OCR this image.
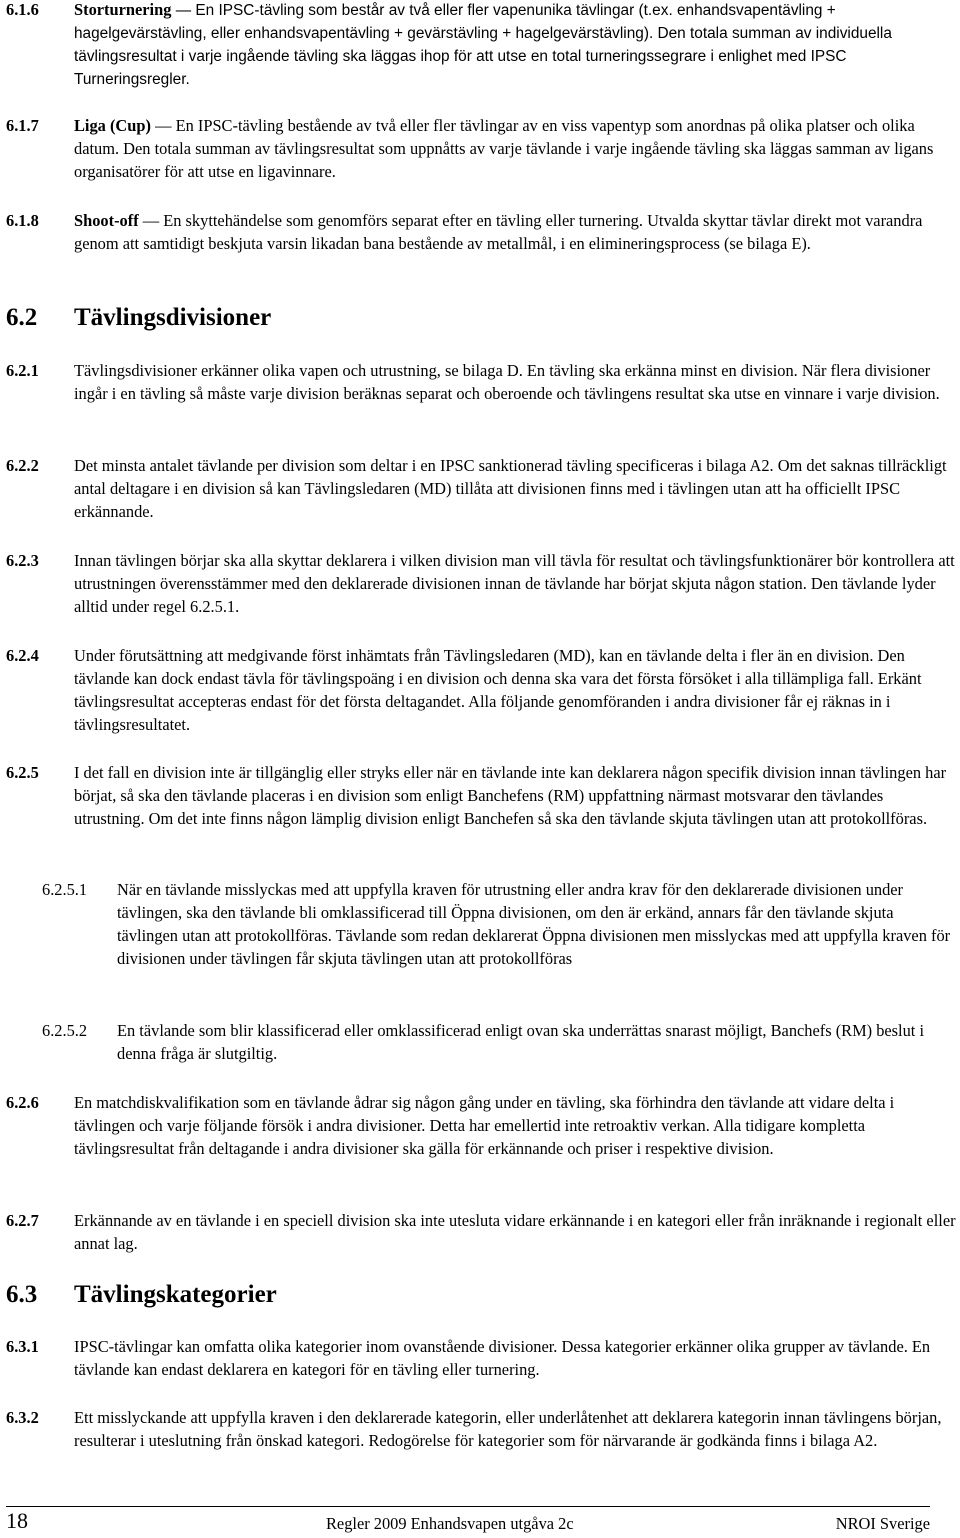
6.1.6 Storturnering — En IPSC-tävling som består av två eller fler vapenunika tävlingar (t.ex. enhandsvapentävling + hagelgevärstävling, eller enhandsvapentävling + gevärstävling + hagelgevärstävling). Den totala summan av individuella tävlingsresultat i varje ingående tävling ska läggas ihop för att utse en total turneringssegrare i enlighet med IPSC Turneringsregler.
6.1.7 Liga (Cup) — En IPSC-tävling bestående av två eller fler tävlingar av en viss vapentyp som anordnas på olika platser och olika datum. Den totala summan av tävlingsresultat som uppnåtts av varje tävlande i varje ingående tävling ska läggas samman av ligans organisatörer för att utse en ligavinnare.
6.1.8 Shoot-off — En skyttehändelse som genomförs separat efter en tävling eller turnering. Utvalda skyttar tävlar direkt mot varandra genom att samtidigt beskjuta varsin likadan bana bestående av metallmål, i en elimineringsprocess (se bilaga E).
6.2 Tävlingsdivisioner
6.2.1 Tävlingsdivisioner erkänner olika vapen och utrustning, se bilaga D. En tävling ska erkänna minst en division. När flera divisioner ingår i en tävling så måste varje division beräknas separat och oberoende och tävlingens resultat ska utse en vinnare i varje division.
6.2.2 Det minsta antalet tävlande per division som deltar i en IPSC sanktionerad tävling specificeras i bilaga A2. Om det saknas tillräckligt antal deltagare i en division så kan Tävlingsledaren (MD) tillåta att divisionen finns med i tävlingen utan att ha officiellt IPSC erkännande.
6.2.3 Innan tävlingen börjar ska alla skyttar deklarera i vilken division man vill tävla för resultat och tävlingsfunktionärer bör kontrollera att utrustningen överensstämmer med den deklarerade divisionen innan de tävlande har börjat skjuta någon station. Den tävlande lyder alltid under regel 6.2.5.1.
6.2.4 Under förutsättning att medgivande först inhämtats från Tävlingsledaren (MD), kan en tävlande delta i fler än en division. Den tävlande kan dock endast tävla för tävlingspoäng i en division och denna ska vara det första försöket i alla tillämpliga fall. Erkänt tävlingsresultat accepteras endast för det första deltagandet. Alla följande genomföranden i andra divisioner får ej räknas in i tävlingsresultatet.
6.2.5 I det fall en division inte är tillgänglig eller stryks eller när en tävlande inte kan deklarera någon specifik division innan tävlingen har börjat, så ska den tävlande placeras i en division som enligt Banchefens (RM) uppfattning närmast motsvarar den tävlandes utrustning. Om det inte finns någon lämplig division enligt Banchefen så ska den tävlande skjuta tävlingen utan att protokollföras.
6.2.5.1 När en tävlande misslyckas med att uppfylla kraven för utrustning eller andra krav för den deklarerade divisionen under tävlingen, ska den tävlande bli omklassificerad till Öppna divisionen, om den är erkänd, annars får den tävlande skjuta tävlingen utan att protokollföras. Tävlande som redan deklarerat Öppna divisionen men misslyckas med att uppfylla kraven för divisionen under tävlingen får skjuta tävlingen utan att protokollföras
6.2.5.2 En tävlande som blir klassificerad eller omklassificerad enligt ovan ska underrättas snarast möjligt, Banchefs (RM) beslut i denna fråga är slutgiltig.
6.2.6 En matchdiskvalifikation som en tävlande ådrar sig någon gång under en tävling, ska förhindra den tävlande att vidare delta i tävlingen och varje följande försök i andra divisioner. Detta har emellertid inte retroaktiv verkan. Alla tidigare kompletta tävlingsresultat från deltagande i andra divisioner ska gälla för erkännande och priser i respektive division.
6.2.7 Erkännande av en tävlande i en speciell division ska inte utesluta vidare erkännande i en kategori eller från inräknande i regionalt eller annat lag.
6.3 Tävlingskategorier
6.3.1 IPSC-tävlingar kan omfatta olika kategorier inom ovanstående divisioner. Dessa kategorier erkänner olika grupper av tävlande. En tävlande kan endast deklarera en kategori för en tävling eller turnering.
6.3.2 Ett misslyckande att uppfylla kraven i den deklarerade kategorin, eller underlåtenhet att deklarera kategorin innan tävlingens början, resulterar i uteslutning från önskad kategori. Redogörelse för kategorier som för närvarande är godkända finns i bilaga A2.
18	Regler 2009 Enhandsvapen utgåva 2c	NROI Sverige
